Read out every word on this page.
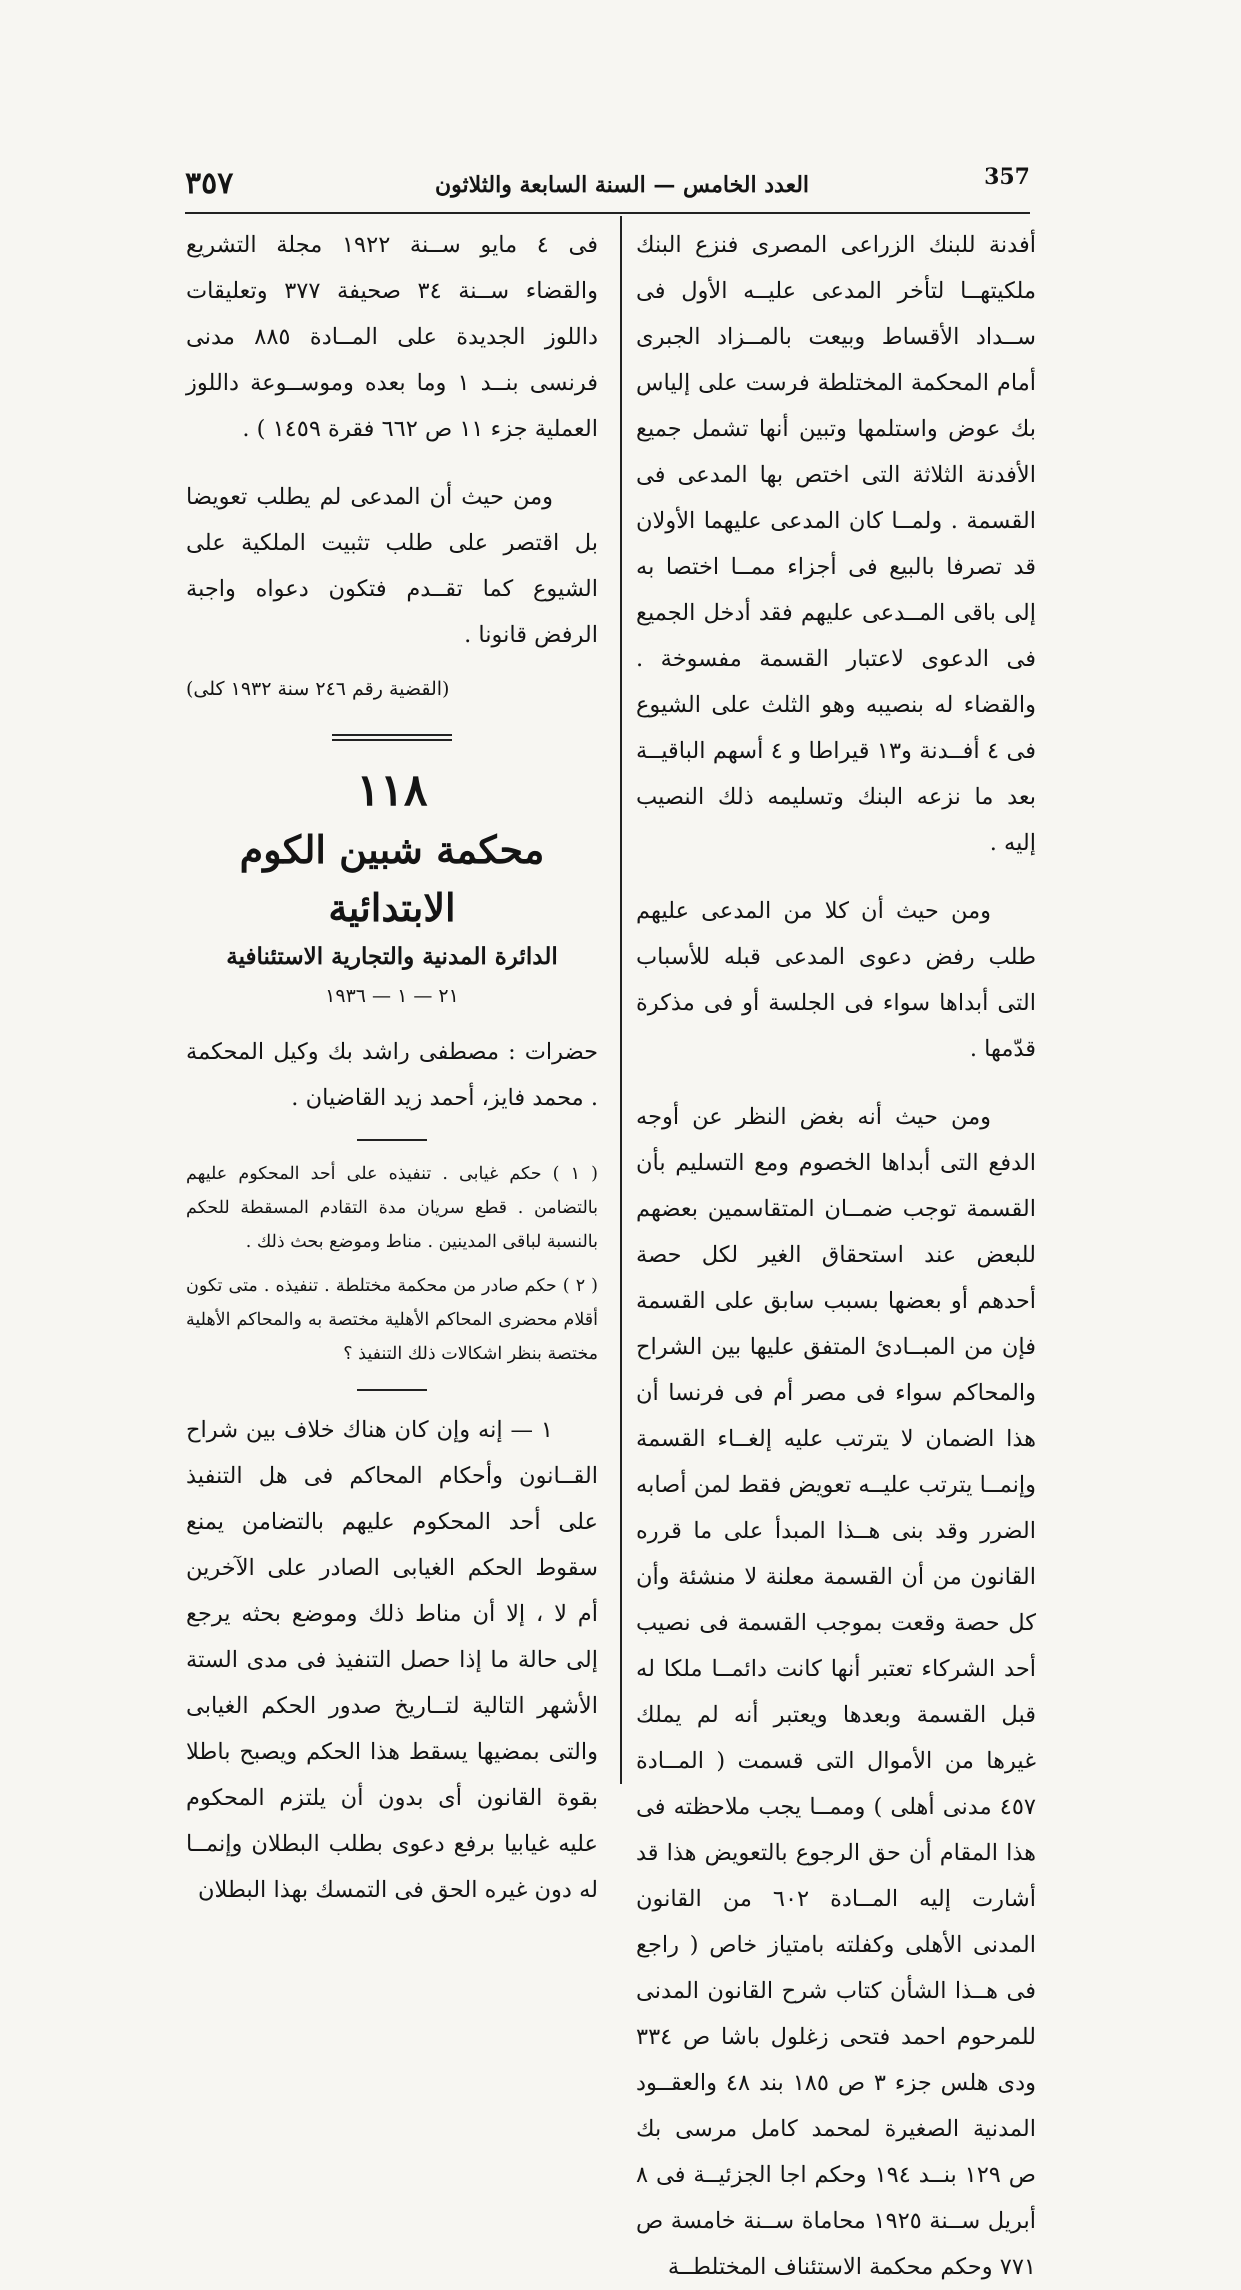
٣٥٧	العدد الخامس — السنة السابعة والثلاثون	357

أفدنة للبنك الزراعى المصرى فنزع البنك ملكيتهــا لتأخر المدعى عليــه الأول فى ســداد الأقساط وبيعت بالمــزاد الجبرى أمام المحكمة المختلطة فرست على إلياس بك عوض واستلمها وتبين أنها تشمل جميع الأفدنة الثلاثة التى اختص بها المدعى فى القسمة . ولمــا كان المدعى عليهما الأولان قد تصرفا بالبيع فى أجزاء ممــا اختصا به إلى باقى المــدعى عليهم فقد أدخل الجميع فى الدعوى لاعتبار القسمة مفسوخة . والقضاء له بنصيبه وهو الثلث على الشيوع فى ٤ أفــدنة و١٣ قيراطا و ٤ أسهم الباقيــة بعد ما نزعه البنك وتسليمه ذلك النصيب إليه .

ومن حيث أن كلا من المدعى عليهم طلب رفض دعوى المدعى قبله للأسباب التى أبداها سواء فى الجلسة أو فى مذكرة قدّمها .

ومن حيث أنه بغض النظر عن أوجه الدفع التى أبداها الخصوم ومع التسليم بأن القسمة توجب ضمــان المتقاسمين بعضهم للبعض عند استحقاق الغير لكل حصة أحدهم أو بعضها بسبب سابق على القسمة فإن من المبــادئ المتفق عليها بين الشراح والمحاكم سواء فى مصر أم فى فرنسا أن هذا الضمان لا يترتب عليه إلغــاء القسمة وإنمــا يترتب عليــه تعويض فقط لمن أصابه الضرر وقد بنى هــذا المبدأ على ما قرره القانون من أن القسمة معلنة لا منشئة وأن كل حصة وقعت بموجب القسمة فى نصيب أحد الشركاء تعتبر أنها كانت دائمــا ملكا له قبل القسمة وبعدها ويعتبر أنه لم يملك غيرها من الأموال التى قسمت ( المــادة ٤٥٧ مدنى أهلى ) وممــا يجب ملاحظته فى هذا المقام أن حق الرجوع بالتعويض هذا قد أشارت إليه المــادة ٦٠٢ من القانون المدنى الأهلى وكفلته بامتياز خاص ( راجع فى هــذا الشأن كتاب شرح القانون المدنى للمرحوم احمد فتحى زغلول باشا ص ٣٣٤ ودى هلس جزء ٣ ص ١٨٥ بند ٤٨ والعقــود المدنية الصغيرة لمحمد كامل مرسى بك ص ١٢٩ بنــد ١٩٤ وحكم اجا الجزئيــة فى ٨ أبريل ســنة ١٩٢٥ محاماة ســنة خامسة ص ٧٧١ وحكم محكمة الاستئناف المختلطــة

فى ٤ مايو ســنة ١٩٢٢ مجلة التشريع والقضاء ســنة ٣٤ صحيفة ٣٧٧ وتعليقات داللوز الجديدة على المــادة ٨٨٥ مدنى فرنسى بنــد ١ وما بعده وموســوعة داللوز العملية جزء ١١ ص ٦٦٢ فقرة ١٤٥٩ ) .

ومن حيث أن المدعى لم يطلب تعويضا بل اقتصر على طلب تثبيت الملكية على الشيوع كما تقــدم فتكون دعواه واجبة الرفض قانونا .

(القضية رقم ٢٤٦ سنة ١٩٣٢ كلى)

١١٨

محكمة شبين الكوم الابتدائية

الدائرة المدنية والتجارية الاستئنافية

٢١ — ١ — ١٩٣٦

حضرات : مصطفى راشد بك وكيل المحكمة . محمد فايز، أحمد زيد القاضيان .

( ١ ) حكم غيابى . تنفيذه على أحد المحكوم عليهم بالتضامن . قطع سريان مدة التقادم المسقطة للحكم بالنسبة لباقى المدينين . مناط وموضع بحث ذلك .

( ٢ ) حكم صادر من محكمة مختلطة . تنفيذه . متى تكون أقلام محضرى المحاكم الأهلية مختصة به والمحاكم الأهلية مختصة بنظر اشكالات ذلك التنفيذ ؟

١ — إنه وإن كان هناك خلاف بين شراح القــانون وأحكام المحاكم فى هل التنفيذ على أحد المحكوم عليهم بالتضامن يمنع سقوط الحكم الغيابى الصادر على الآخرين أم لا ، إلا أن مناط ذلك وموضع بحثه يرجع إلى حالة ما إذا حصل التنفيذ فى مدى الستة الأشهر التالية لتــاريخ صدور الحكم الغيابى والتى بمضيها يسقط هذا الحكم ويصبح باطلا بقوة القانون أى بدون أن يلتزم المحكوم عليه غيابيا برفع دعوى بطلب البطلان وإنمــا له دون غيره الحق فى التمسك بهذا البطلان
